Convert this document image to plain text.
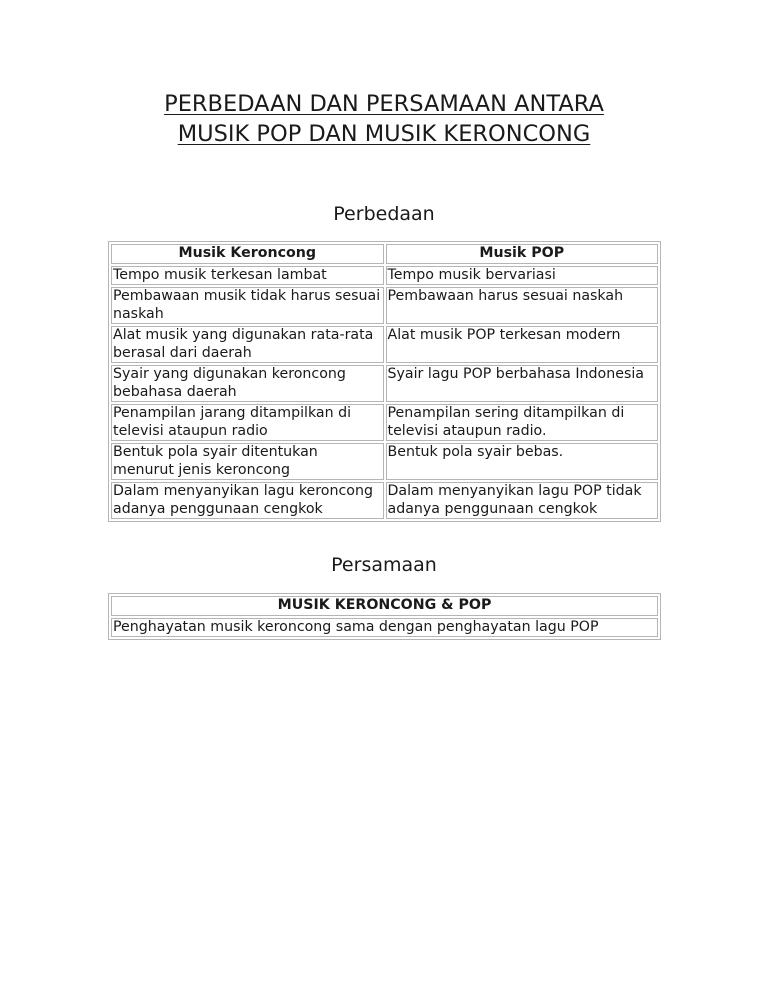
PERBEDAAN DAN PERSAMAAN ANTARA
MUSIK POP DAN MUSIK KERONCONG
Perbedaan
Musik Keroncong	Musik POP
Tempo musik terkesan lambat	Tempo musik bervariasi
Pembawaan musik tidak harus sesuai naskah	Pembawaan harus sesuai naskah
Alat musik yang digunakan rata-rata berasal dari daerah	Alat musik POP terkesan modern
Syair yang digunakan keroncong bebahasa daerah	Syair lagu POP berbahasa Indonesia
Penampilan jarang ditampilkan di televisi ataupun radio	Penampilan sering ditampilkan di televisi ataupun radio.
Bentuk pola syair ditentukan menurut jenis keroncong	Bentuk pola syair bebas.
Dalam menyanyikan lagu keroncong adanya penggunaan cengkok	Dalam menyanyikan lagu POP tidak adanya penggunaan cengkok
Persamaan
MUSIK KERONCONG & POP
Penghayatan musik keroncong sama dengan penghayatan lagu POP
